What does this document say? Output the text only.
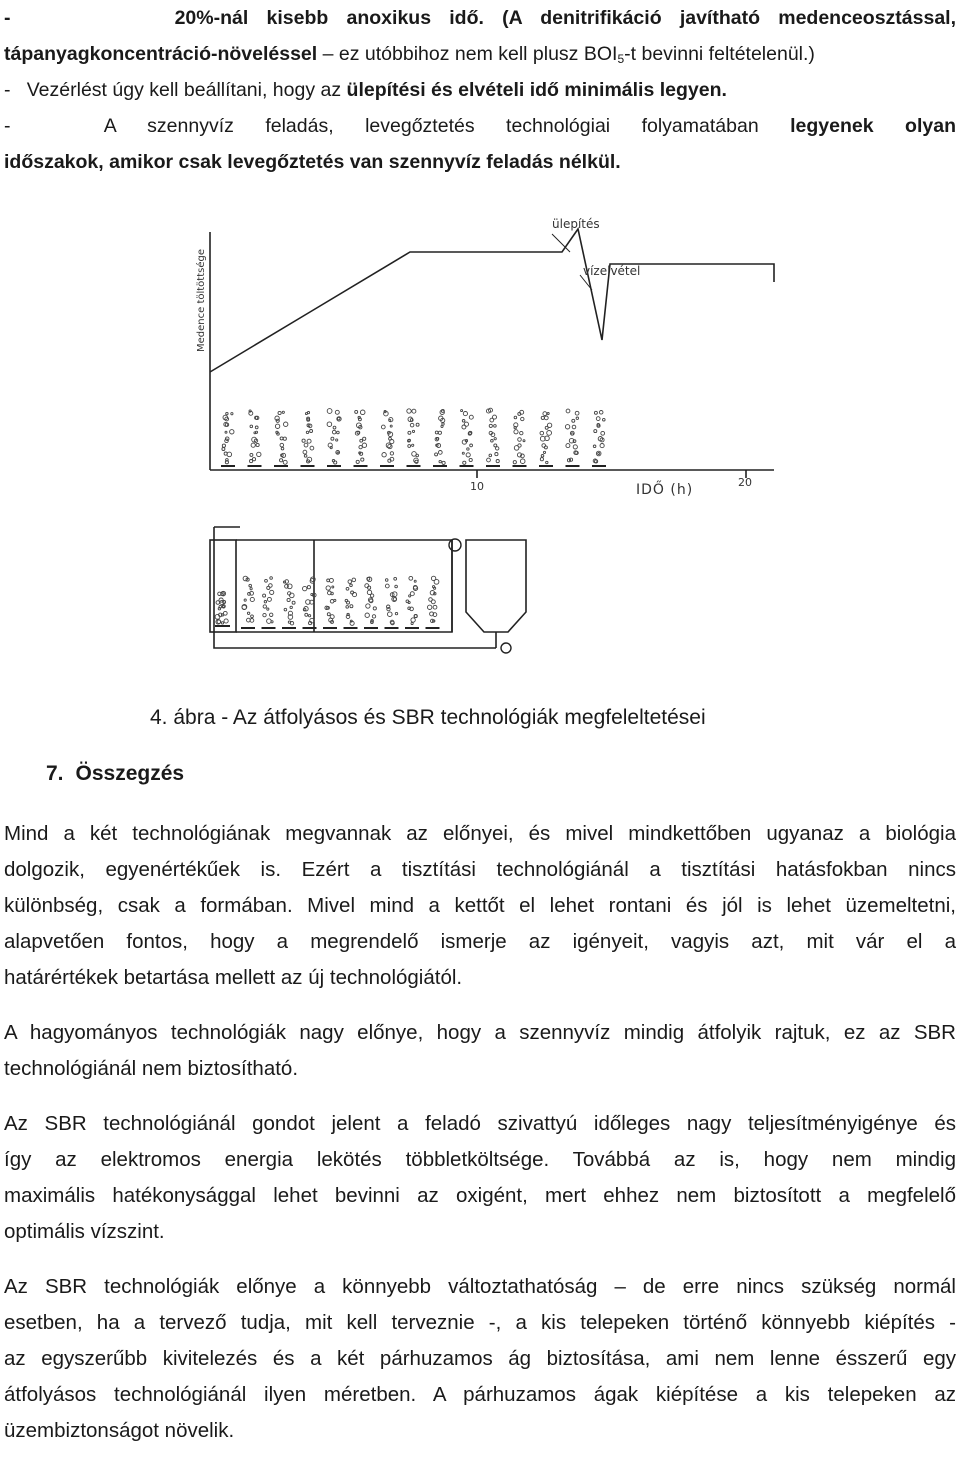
-	20%-nál kisebb anoxikus idő. (A denitrifikáció javítható medenceosztással,

tápanyagkoncentráció-növeléssel – ez utóbbihoz nem kell plusz $BOI_5-t$ bevinni feltételenül.)

-   Vezérlést úgy kell beállítani, hogy az ülepítési és elvételi idő minimális legyen.

-   A szennyvíz feladás, levegőztetés technológiai folyamatában legyenek olyan

időszakok, amikor csak levegőztetés van szennyvíz feladás nélkül.

ülepítés
vízelvétel
Medence töltöttsége
10	IDŐ (h)	20
4. ábra - Az átfolyásos és SBR technológiák megfeleltetései
7. Összegzés

Mind a két technológiának megvannak az előnyei, és mivel mindkettőben ugyanaz a biológia
dolgozik, egyenértékűek is. Ezért a tisztítási technológiánál a tisztítási hatásfokban nincs
különbség, csak a formában. Mivel mind a kettőt el lehet rontani és jól is lehet üzemeltetni,
alapvetően fontos, hogy a megrendelő ismerje az igényeit, vagyis azt, mit vár el a
határértékek betartása mellett az új technológiától.

A hagyományos technológiák nagy előnye, hogy a szennyvíz mindig átfolyik rajtuk, ez az SBR
technológiánál nem biztosítható.

Az SBR technológiánál gondot jelent a feladó szivattyú időleges nagy teljesítményigénye és
így az elektromos energia lekötés többletköltsége. Továbbá az is, hogy nem mindig
maximális hatékonysággal lehet bevinni az oxigént, mert ehhez nem biztosított a megfelelő
optimális vízszint.

Az SBR technológiák előnye a könnyebb változtathatóság – de erre nincs szükség normál
esetben, ha a tervező tudja, mit kell terveznie -, a kis telepeken történő könnyebb kiépítés -
az egyszerűbb kivitelezés és a két párhuzamos ág biztosítása, ami nem lenne ésszerű egy
átfolyásos technológiánál ilyen méretben. A párhuzamos ágak kiépítése a kis telepeken az
üzembiztonságot növelik.
